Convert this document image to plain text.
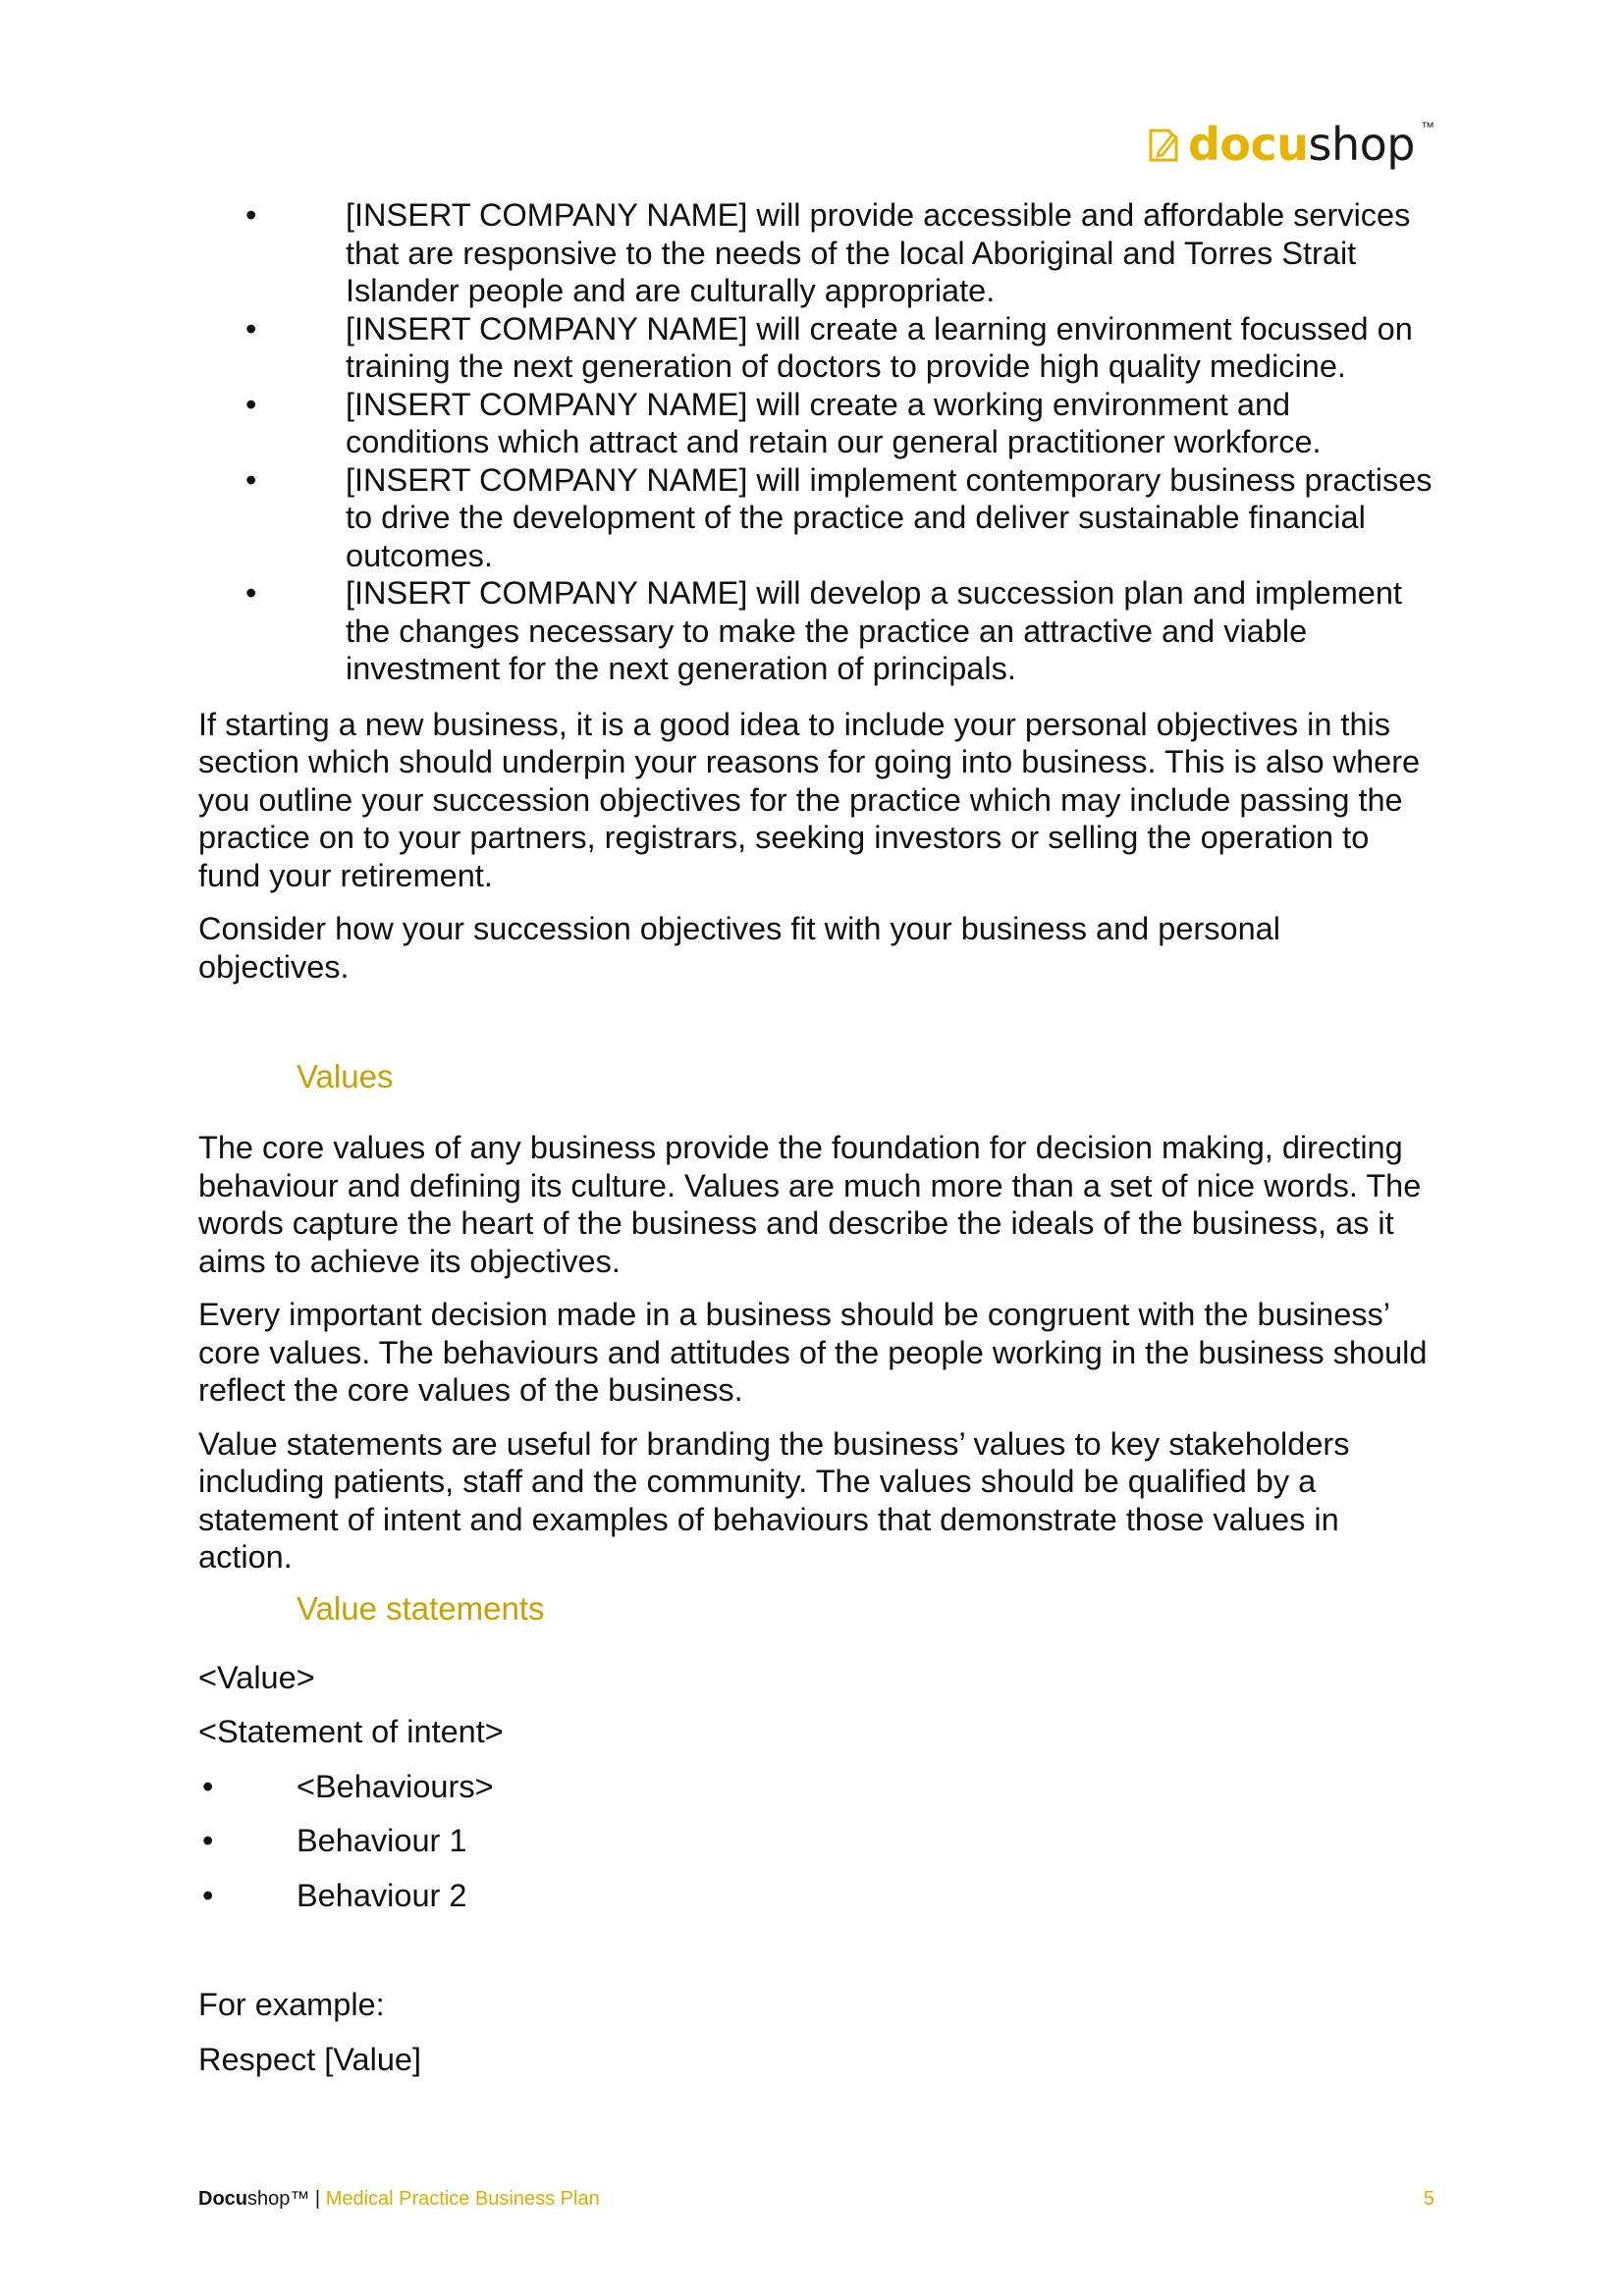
docushop ™
•	[INSERT COMPANY NAME] will provide accessible and affordable services that are responsive to the needs of the local Aboriginal and Torres Strait Islander people and are culturally appropriate.
•	[INSERT COMPANY NAME] will create a learning environment focussed on training the next generation of doctors to provide high quality medicine.
•	[INSERT COMPANY NAME] will create a working environment and conditions which attract and retain our general practitioner workforce.
•	[INSERT COMPANY NAME] will implement contemporary business practises to drive the development of the practice and deliver sustainable financial outcomes.
•	[INSERT COMPANY NAME] will develop a succession plan and implement the changes necessary to make the practice an attractive and viable investment for the next generation of principals.

If starting a new business, it is a good idea to include your personal objectives in this section which should underpin your reasons for going into business. This is also where you outline your succession objectives for the practice which may include passing the practice on to your partners, registrars, seeking investors or selling the operation to fund your retirement.

Consider how your succession objectives fit with your business and personal objectives.

Values

The core values of any business provide the foundation for decision making, directing behaviour and defining its culture. Values are much more than a set of nice words. The words capture the heart of the business and describe the ideals of the business, as it aims to achieve its objectives.

Every important decision made in a business should be congruent with the business’ core values. The behaviours and attitudes of the people working in the business should reflect the core values of the business.

Value statements are useful for branding the business’ values to key stakeholders including patients, staff and the community. The values should be qualified by a statement of intent and examples of behaviours that demonstrate those values in action.

Value statements

<Value>

<Statement of intent>

•	<Behaviours>
•	Behaviour 1
•	Behaviour 2

For example:

Respect [Value]

Docushop™ | Medical Practice Business Plan	5
